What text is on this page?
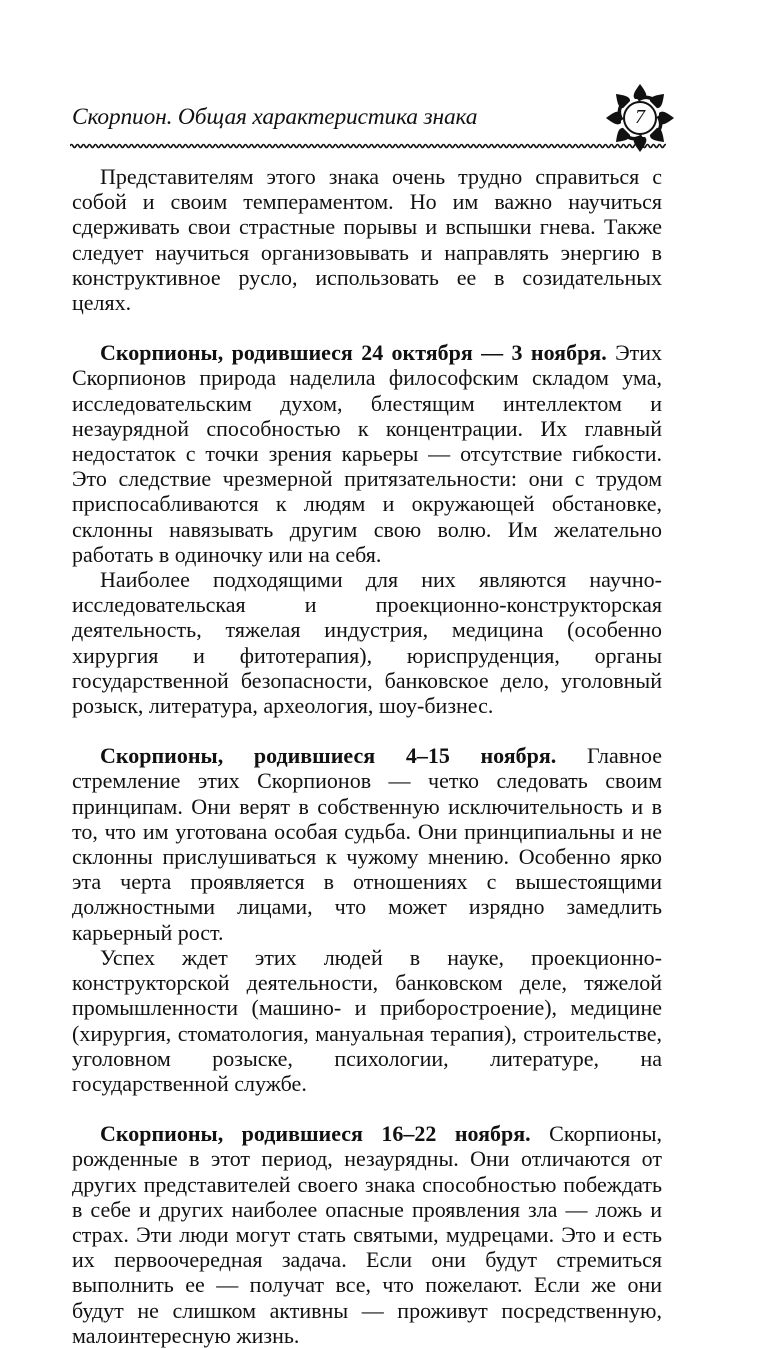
Скорпион. Общая характеристика знака	7

Представителям этого знака очень трудно справиться с собой и своим темпераментом. Но им важно научиться сдерживать свои страстные порывы и вспышки гнева. Также следует научиться организовывать и направлять энергию в конструктивное русло, использовать ее в созидательных целях.

Скорпионы, родившиеся 24 октября — 3 ноября. Этих Скорпионов природа наделила философским складом ума, исследовательским духом, блестящим интеллектом и незаурядной способностью к концентрации. Их главный недостаток с точки зрения карьеры — отсутствие гибкости. Это следствие чрезмерной притязательности: они с трудом приспосабливаются к людям и окружающей обстановке, склонны навязывать другим свою волю. Им желательно работать в одиночку или на себя.

Наиболее подходящими для них являются научно-исследовательская и проекционно-конструкторская деятельность, тяжелая индустрия, медицина (особенно хирургия и фитотерапия), юриспруденция, органы государственной безопасности, банковское дело, уголовный розыск, литература, археология, шоу-бизнес.

Скорпионы, родившиеся 4–15 ноября. Главное стремление этих Скорпионов — четко следовать своим принципам. Они верят в собственную исключительность и в то, что им уготована особая судьба. Они принципиальны и не склонны прислушиваться к чужому мнению. Особенно ярко эта черта проявляется в отношениях с вышестоящими должностными лицами, что может изрядно замедлить карьерный рост.

Успех ждет этих людей в науке, проекционно-конструкторской деятельности, банковском деле, тяжелой промышленности (машино- и приборостроение), медицине (хирургия, стоматология, мануальная терапия), строительстве, уголовном розыске, психологии, литературе, на государственной службе.

Скорпионы, родившиеся 16–22 ноября. Скорпионы, рожденные в этот период, незаурядны. Они отличаются от других представителей своего знака способностью побеждать в себе и других наиболее опасные проявления зла — ложь и страх. Эти люди могут стать святыми, мудрецами. Это и есть их первоочередная задача. Если они будут стремиться выполнить ее — получат все, что пожелают. Если же они будут не слишком активны — проживут посредственную, малоинтересную жизнь.
